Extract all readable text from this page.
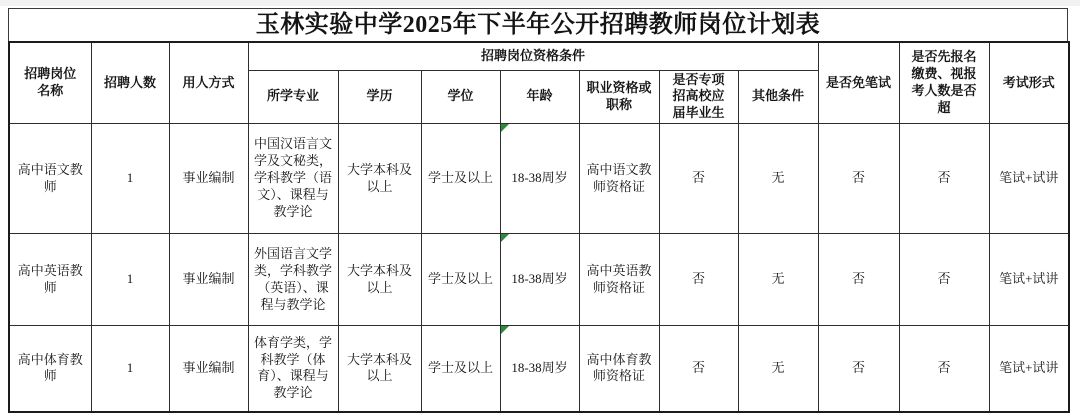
玉林实验中学2025年下半年公开招聘教师岗位计划表
招聘岗位名称	招聘人数	用人方式	招聘岗位资格条件							是否免笔试	是否先报名缴费、视报考人数是否超	考试形式
			所学专业	学历	学位	年龄	职业资格或职称	是否专项招高校应届毕业生	其他条件			
高中语文教师	1	事业编制	中国汉语言文学及文秘类，学科教学（语文）、课程与教学论	大学本科及以上	学士及以上	18-38周岁	高中语文教师资格证	否	无	否	否	笔试+试讲
高中英语教师	1	事业编制	外国语言文学类，学科教学（英语）、课程与教学论	大学本科及以上	学士及以上	18-38周岁	高中英语教师资格证	否	无	否	否	笔试+试讲
高中体育教师	1	事业编制	体育学类，学科教学（体育）、课程与教学论	大学本科及以上	学士及以上	18-38周岁	高中体育教师资格证	否	无	否	否	笔试+试讲
